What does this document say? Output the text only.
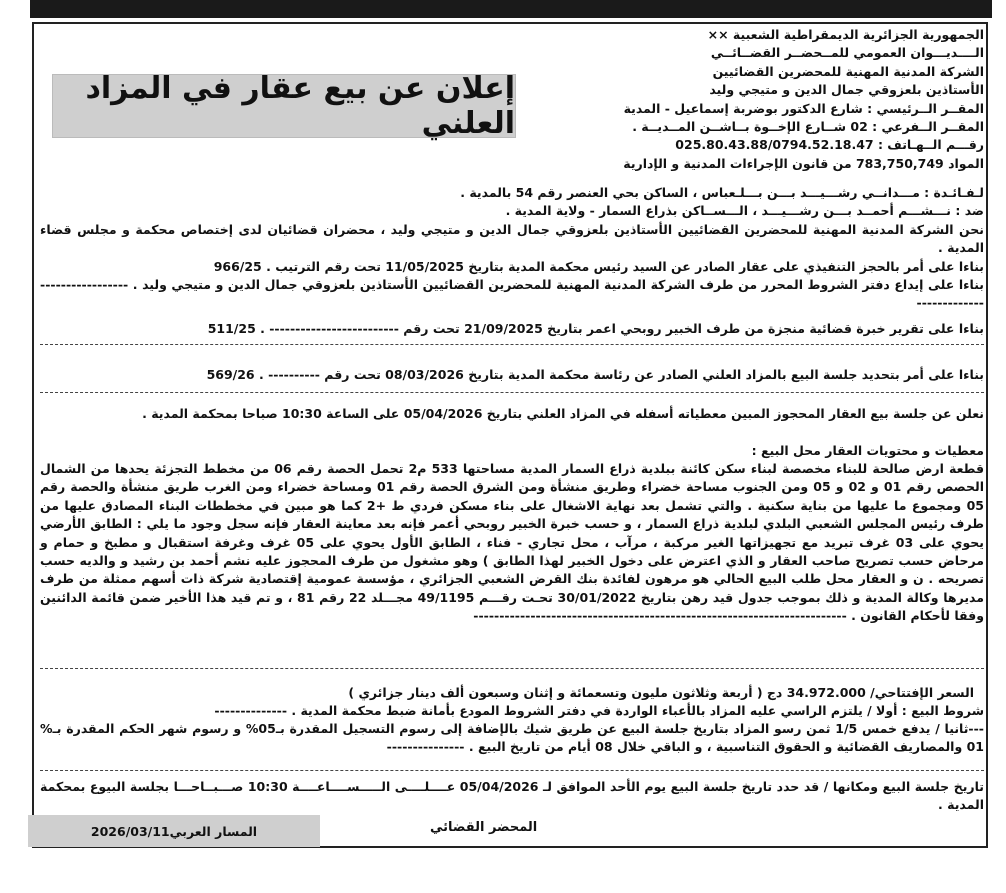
إعلان عن بيع عقار في المزاد العلني
الجمهورية الجزائرية الديمقراطية الشعبية ××
الــــديـــوان العمومي للمــحضــر القضــائــي
الشركة المدنية المهنية للمحضرين القضائيين
الأستاذين بلعزوقي جمال الدين و متيجي وليد
المقــر الــرئيسي : شارع الدكتور بوضربة إسماعيل - المدية
المقــر الــفرعي : 02 شــارع الإخــوة بــاشــن المــديــة .
رقـــم الــهـاتف : 025.80.43.88/0794.52.18.47
المواد 783,750,749 من قانون الإجراءات المدنية و الإدارية
لـفـائـدة : مـــدانــي رشـــيـــد بـــن بـــلـعباس ، الساكن بحي العنصر رقم 54 بالمدية .
ضد : نـــشـــم أحمــد بـــن رشـــيـــد ، الـــســاكن بذراع السمار - ولاية المدية .
نحن الشركة المدنية المهنية للمحضرين القضائيين الأستاذين بلعزوقي جمال الدين و متيجي وليد ، محضران قضائيان لدى إختصاص محكمة و مجلس قضاء المدية .
بناءا على أمر بالحجز التنفيذي على عقار الصادر عن السيد رئيس محكمة المدية بتاريخ 11/05/2025 تحت رقم الترتيب . 966/25
بناءا على إيداع دفتر الشروط المحرر من طرف الشركة المدنية المهنية للمحضرين القضائيين الأستاذين بلعزوقي جمال الدين و متيجي وليد . ------------------------------
بناءا على تقرير خبرة قضائية منجزة من طرف الخبير روبحي اعمر بتاريخ 21/09/2025 تحت رقم ------------------------- . 511/25
بناءا على أمر بتحديد جلسة البيع بالمزاد العلني الصادر عن رئاسة محكمة المدية بتاريخ 08/03/2026 تحت رقم ---------- . 569/26
نعلن عن جلسة بيع العقار المحجوز المبين معطياته أسفله في المزاد العلني بتاريخ 05/04/2026 على الساعة 10:30 صباحا بمحكمة المدية .
معطيات و محتويات العقار محل البيع :
قطعة ارض صالحة للبناء مخصصة لبناء سكن كائنة ببلدية ذراع السمار المدية مساحتها 533 م2 تحمل الحصة رقم 06 من مخطط التجزئة يحدها من الشمال الحصص رقم 01 و 02 و 05 ومن الجنوب مساحة خضراء وطريق منشأة ومن الشرق الحصة رقم 01 ومساحة خضراء ومن الغرب طريق منشأة والحصة رقم 05 ومجموع ما عليها من بناية سكنية . والتي تشمل بعد نهاية الاشغال على بناء مسكن فردي ط +2 كما هو مبين في مخططات البناء المصادق عليها من طرف رئيس المجلس الشعبي البلدي لبلدية ذراع السمار ، و حسب خبرة الخبير روبحي أعمر فإنه بعد معاينة العقار فإنه سجل وجود ما يلي : الطابق الأرضي يحوي على 03 غرف تبريد مع تجهيزاتها الغير مركبة ، مرآب ، محل تجاري - فناء ، الطابق الأول يحوي على 05 غرف وغرفة استقبال و مطبخ و حمام و مرحاض حسب تصريح صاحب العقار و الذي اعترض على دخول الخبير لهذا الطابق ) وهو مشغول من طرف المحجوز عليه نشم أحمد بن رشيد و والديه حسب تصريحه . ن و العقار محل طلب البيع الحالي هو مرهون لفائدة بنك القرض الشعبي الجزائري ، مؤسسة عمومية إقتصادية شركة ذات أسهم ممثلة من طرف مديرها وكالة المدية و ذلك بموجب جدول قيد رهن بتاريخ 30/01/2022 تحـت رقـــم 49/1195 مجـــلد 22 رقم 81 ، و تم قيد هذا الأخير ضمن قائمة الدائنين وفقا لأحكام القانون . ------------------------------------------------------------------------
السعر الإفتتاحي/ 34.972.000 دج ( أربعة وثلاثون مليون وتسعمائة و إثنان وسبعون ألف دينار جزائري )
شروط البيع : أولا / يلتزم الراسي عليه المزاد بالأعباء الواردة في دفتر الشروط المودع بأمانة ضبط محكمة المدية . --------------
---ثانيا / يدفع خمس 1/5 ثمن رسو المزاد بتاريخ جلسة البيع عن طريق شيك بالإضافة إلى رسوم التسجيل المقدرة بـ05% و رسوم شهر الحكم المقدرة بـ% 01 والمصاريف القضائية و الحقوق التناسبية ، و الباقي خلال 08 أيام من تاريخ البيع . ---------------
تاريخ جلسة البيع ومكانها / قد حدد تاريخ جلسة البيع يوم الأحد الموافق لـ 05/04/2026 عــــلــــى الـــــســــاعــــة 10:30 صـــبــاحـــا بجلسة البيوع بمحكمة المدية .
المحضر القضائي
المسار العربي
2026/03/11
